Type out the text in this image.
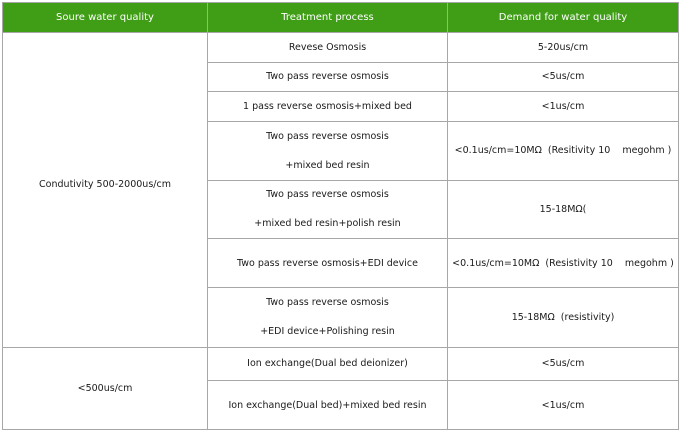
Soure water quality	Treatment process	Demand for water quality
Condutivity 500-2000us/cm	Revese Osmosis	5-20us/cm

	Two pass reverse osmosis	<5us/cm

	1 pass reverse osmosis+mixed bed	<1us/cm

	Two pass reverse osmosis
+mixed bed resin	<0.1us/cm=10MΩ  (Resitivity 10    megohm )

	Two pass reverse osmosis
+mixed bed resin+polish resin	15-18MΩ(

	Two pass reverse osmosis+EDI device	<0.1us/cm=10MΩ  (Resistivity 10    megohm )

	Two pass reverse osmosis
+EDI device+Polishing resin	15-18MΩ  (resistivity)
<500us/cm	Ion exchange(Dual bed deionizer)	<5us/cm

	Ion exchange(Dual bed)+mixed bed resin	<1us/cm
